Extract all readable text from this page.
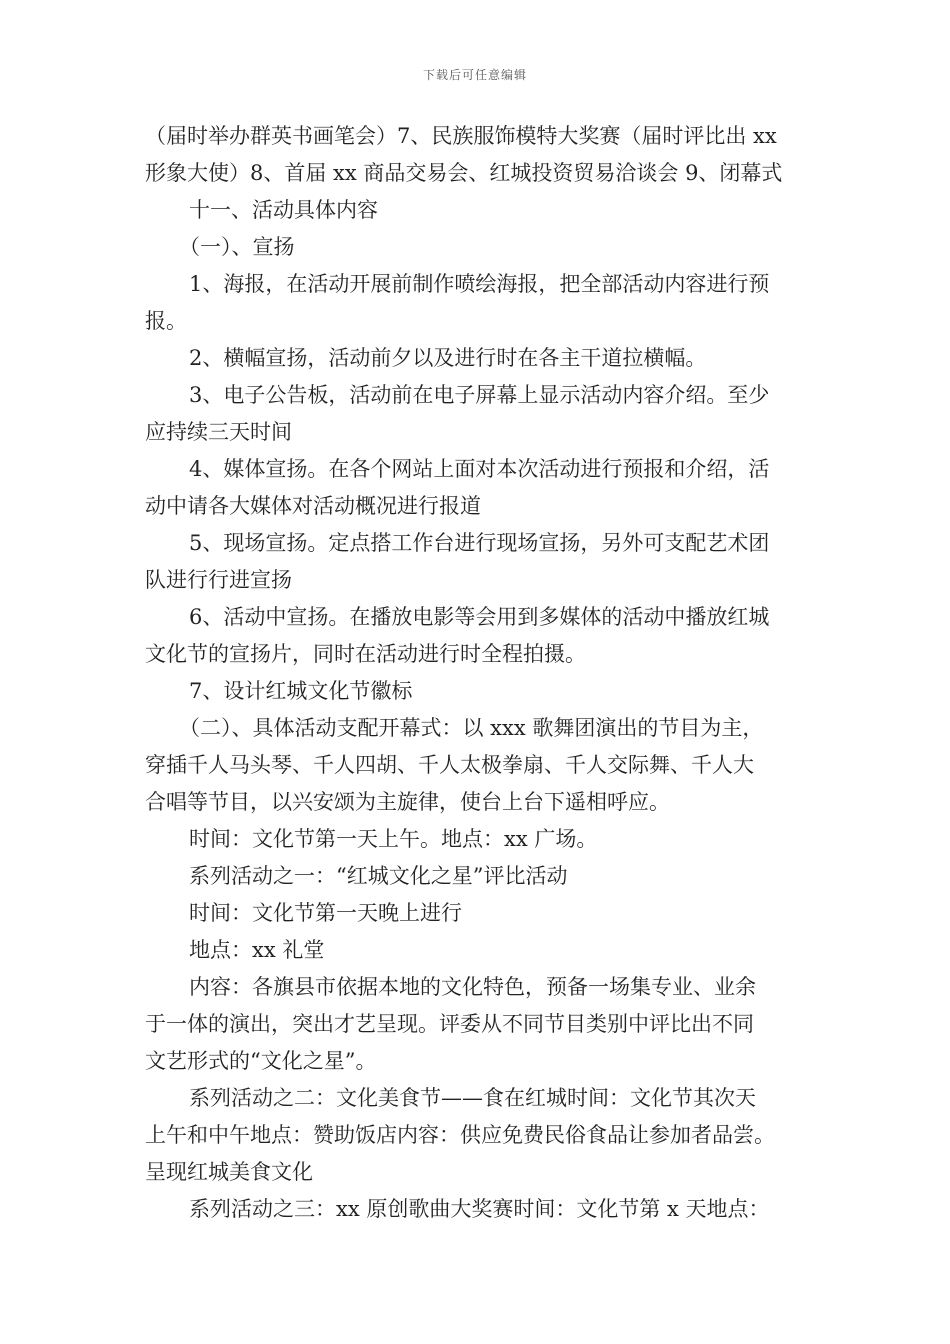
下载后可任意编辑
（届时举办群英书画笔会）7、民族服饰模特大奖赛（届时评比出 xx
形象大使）8、首届 xx 商品交易会、红城投资贸易洽谈会 9、闭幕式
十一、活动具体内容
（一）、宣扬
1、海报，在活动开展前制作喷绘海报，把全部活动内容进行预
报。
2、横幅宣扬，活动前夕以及进行时在各主干道拉横幅。
3、电子公告板，活动前在电子屏幕上显示活动内容介绍。至少
应持续三天时间
4、媒体宣扬。在各个网站上面对本次活动进行预报和介绍，活
动中请各大媒体对活动概况进行报道
5、现场宣扬。定点搭工作台进行现场宣扬，另外可支配艺术团
队进行行进宣扬
6、活动中宣扬。在播放电影等会用到多媒体的活动中播放红城
文化节的宣扬片，同时在活动进行时全程拍摄。
7、设计红城文化节徽标
（二）、具体活动支配开幕式：以 xxx 歌舞团演出的节目为主，
穿插千人马头琴、千人四胡、千人太极拳扇、千人交际舞、千人大
合唱等节目，以兴安颂为主旋律，使台上台下遥相呼应。
时间：文化节第一天上午。地点：xx 广场。
系列活动之一：“红城文化之星”评比活动
时间：文化节第一天晚上进行
地点：xx 礼堂
内容：各旗县市依据本地的文化特色，预备一场集专业、业余
于一体的演出，突出才艺呈现。评委从不同节目类别中评比出不同
文艺形式的“文化之星”。
系列活动之二：文化美食节——食在红城时间：文化节其次天
上午和中午地点：赞助饭店内容：供应免费民俗食品让参加者品尝。
呈现红城美食文化
系列活动之三：xx 原创歌曲大奖赛时间：文化节第 x 天地点：
